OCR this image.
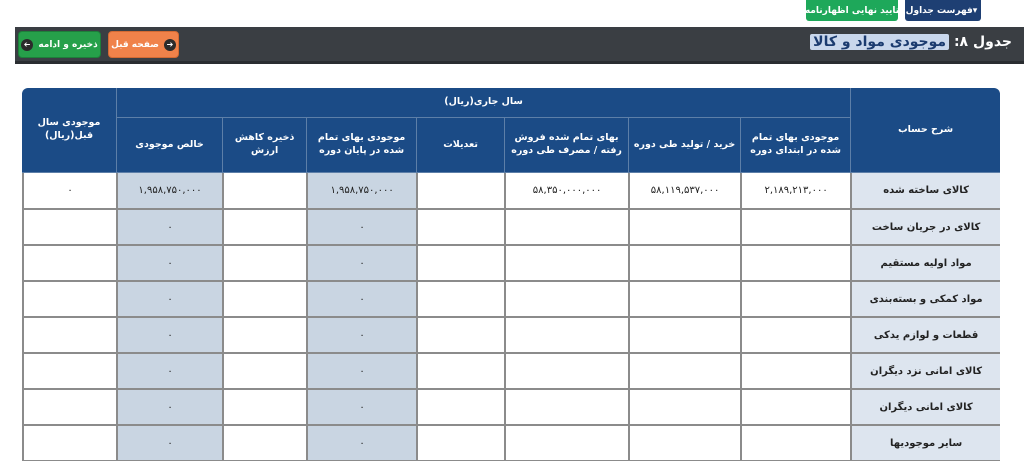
فهرست جداول ▾
تایید نهایی اظهارنامه
جدول ۸: موجودی مواد و کالا
➔
صفحه قبل
ذخیره و ادامه
➔
شرح حساب	سال جاری(ریال)							موجودی سال قبل(ریال)
	موجودی بهای تمام شده در ابتدای دوره	خرید / تولید طی دوره	بهای تمام شده فروش رفته / مصرف طی دوره	تعدیلات	موجودی بهای تمام شده در پایان دوره	ذخیره کاهش ارزش	خالص موجودی	
کالای ساخته شده	۲,۱۸۹,۲۱۳,۰۰۰	۵۸,۱۱۹,۵۳۷,۰۰۰	۵۸,۳۵۰,۰۰۰,۰۰۰		۱,۹۵۸,۷۵۰,۰۰۰		۱,۹۵۸,۷۵۰,۰۰۰	۰
کالای در جریان ساخت					۰		۰	
مواد اولیه مستقیم					۰		۰	
مواد کمکی و بسته‌بندی					۰		۰	
قطعات و لوازم یدکی					۰		۰	
کالای امانی نزد دیگران					۰		۰	
کالای امانی دیگران					۰		۰	
سایر موجودیها					۰		۰	
